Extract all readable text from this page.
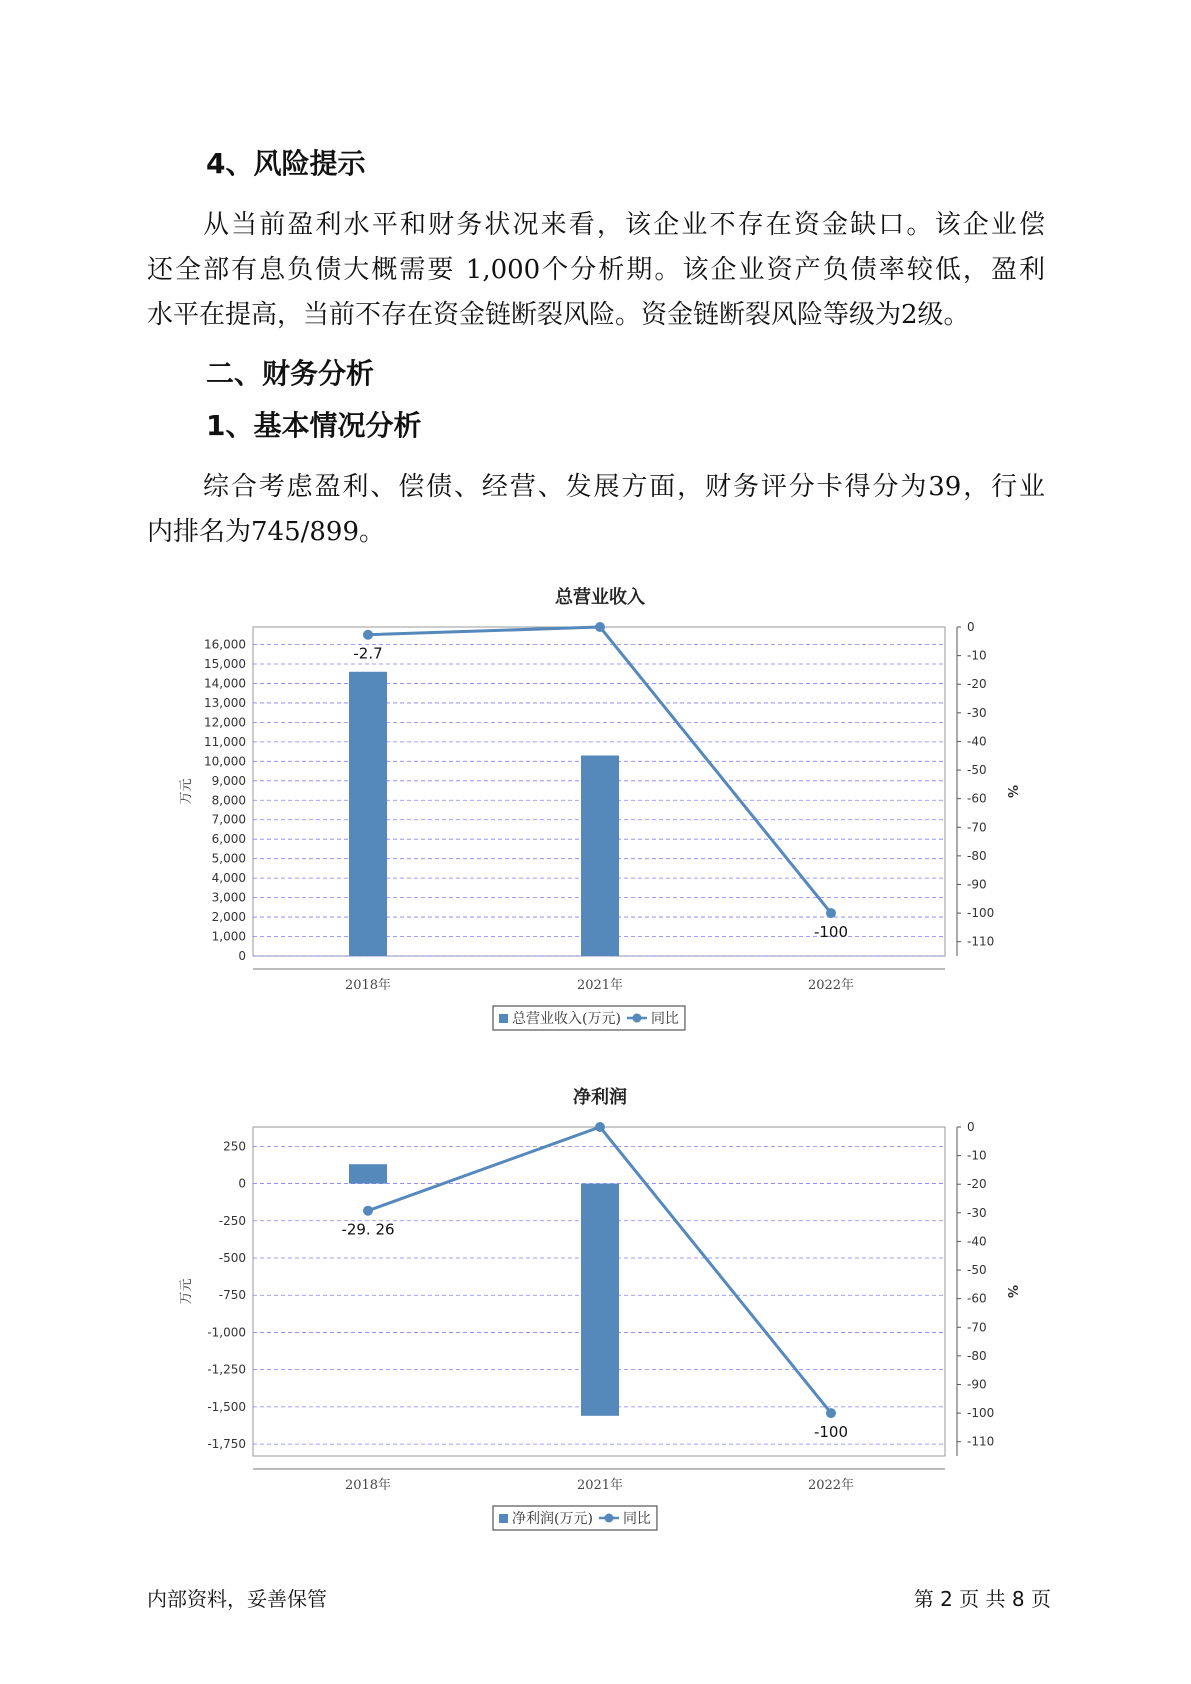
4、风险提示

从当前盈利水平和财务状况来看，该企业不存在资金缺口。该企业偿
还全部有息负债大概需要 1,000个分析期。该企业资产负债率较低，盈利
水平在提高，当前不存在资金链断裂风险。资金链断裂风险等级为2级。

二、财务分析
1、基本情况分析

综合考虑盈利、偿债、经营、发展方面，财务评分卡得分为39，行业
内排名为745/899。

总营业收入
0
1,000
2,000
3,000
4,000
5,000
6,000
7,000
8,000
9,000
10,000
11,000
12,000
13,000
14,000
15,000
16,000
0
-10
-20
-30
-40
-50
-60
-70
-80
-90
-100
-110
万元	%
2018年	2021年	2022年
-2.7
-100
总营业收入(万元) 同比
净利润
250
0
-250
-500
-750
-1,000
-1,250
-1,500
-1,750
0
-10
-20
-30
-40
-50
-60
-70
-80
-90
-100
-110
万元	%
2018年	2021年	2022年
-29. 26
-100
净利润(万元) 同比
内部资料，妥善保管	第 2 页 共 8 页
